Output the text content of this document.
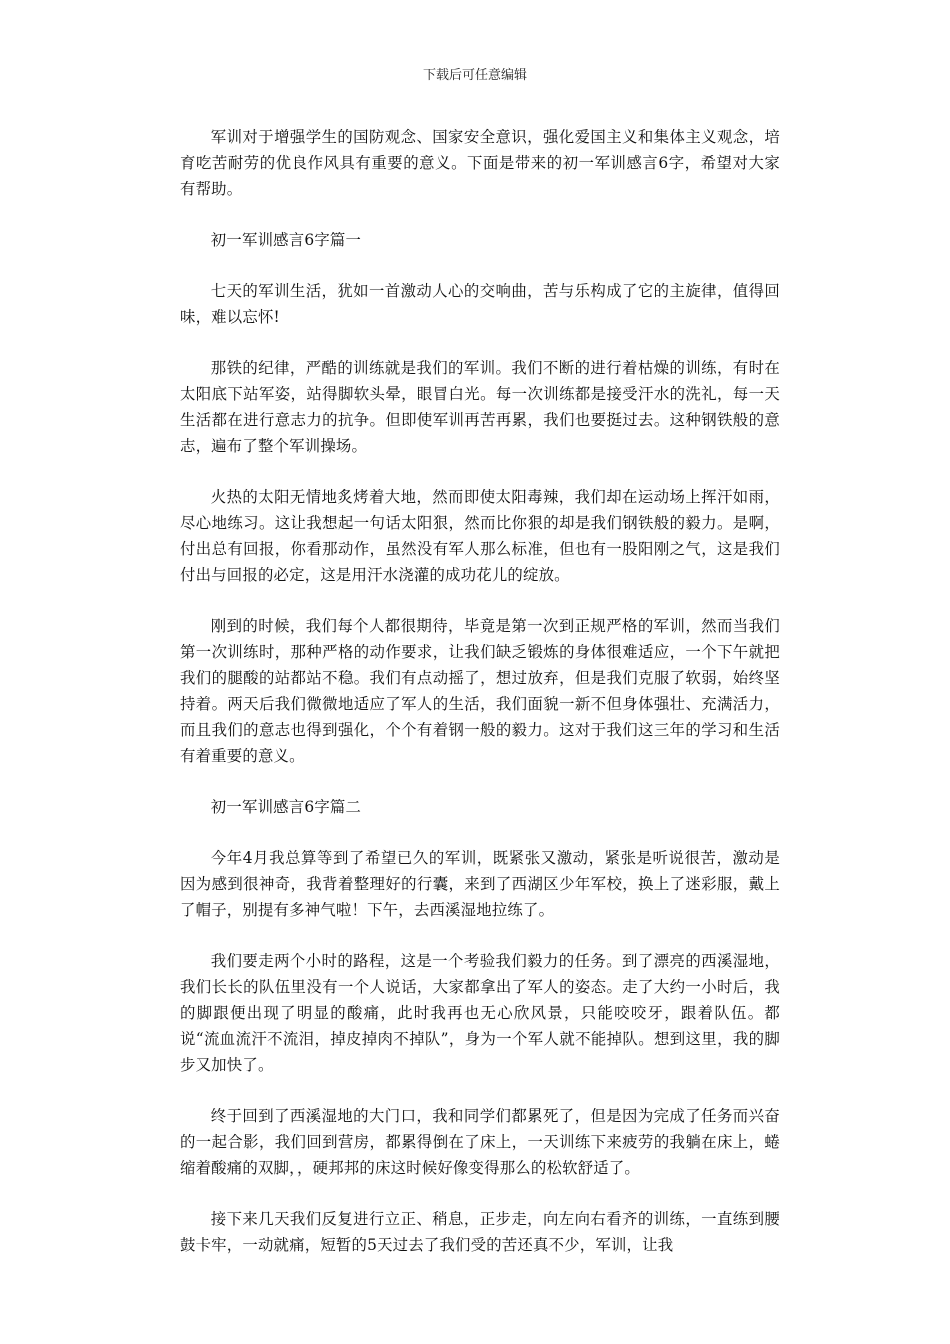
下载后可任意编辑

军训对于增强学生的国防观念、国家安全意识，强化爱国主义和集体主义观念，培育吃苦耐劳的优良作风具有重要的意义。下面是带来的初一军训感言6字，希望对大家有帮助。

初一军训感言6字篇一

七天的军训生活，犹如一首激动人心的交响曲，苦与乐构成了它的主旋律，值得回味，难以忘怀!

那铁的纪律，严酷的训练就是我们的军训。我们不断的进行着枯燥的训练，有时在太阳底下站军姿，站得脚软头晕，眼冒白光。每一次训练都是接受汗水的洗礼，每一天生活都在进行意志力的抗争。但即使军训再苦再累，我们也要挺过去。这种钢铁般的意志，遍布了整个军训操场。

火热的太阳无情地炙烤着大地，然而即使太阳毒辣，我们却在运动场上挥汗如雨，尽心地练习。这让我想起一句话太阳狠，然而比你狠的却是我们钢铁般的毅力。是啊，付出总有回报，你看那动作，虽然没有军人那么标准，但也有一股阳刚之气，这是我们付出与回报的必定，这是用汗水浇灌的成功花儿的绽放。

刚到的时候，我们每个人都很期待，毕竟是第一次到正规严格的军训，然而当我们第一次训练时，那种严格的动作要求，让我们缺乏锻炼的身体很难适应，一个下午就把我们的腿酸的站都站不稳。我们有点动摇了，想过放弃，但是我们克服了软弱，始终坚持着。两天后我们微微地适应了军人的生活，我们面貌一新不但身体强壮、充满活力，而且我们的意志也得到强化，个个有着钢一般的毅力。这对于我们这三年的学习和生活有着重要的意义。

初一军训感言6字篇二

今年4月我总算等到了希望已久的军训，既紧张又激动，紧张是听说很苦，激动是因为感到很神奇，我背着整理好的行囊，来到了西湖区少年军校，换上了迷彩服，戴上了帽子，别提有多神气啦！下午，去西溪湿地拉练了。

我们要走两个小时的路程，这是一个考验我们毅力的任务。到了漂亮的西溪湿地，我们长长的队伍里没有一个人说话，大家都拿出了军人的姿态。走了大约一小时后，我的脚跟便出现了明显的酸痛，此时我再也无心欣风景，只能咬咬牙，跟着队伍。都说“流血流汗不流泪，掉皮掉肉不掉队”，身为一个军人就不能掉队。想到这里，我的脚步又加快了。

终于回到了西溪湿地的大门口，我和同学们都累死了，但是因为完成了任务而兴奋的一起合影，我们回到营房，都累得倒在了床上，一天训练下来疲劳的我躺在床上，蜷缩着酸痛的双脚，，硬邦邦的床这时候好像变得那么的松软舒适了。

接下来几天我们反复进行立正、稍息，正步走，向左向右看齐的训练，一直练到腰鼓卡牢，一动就痛，短暂的5天过去了我们受的苦还真不少，军训，让我
